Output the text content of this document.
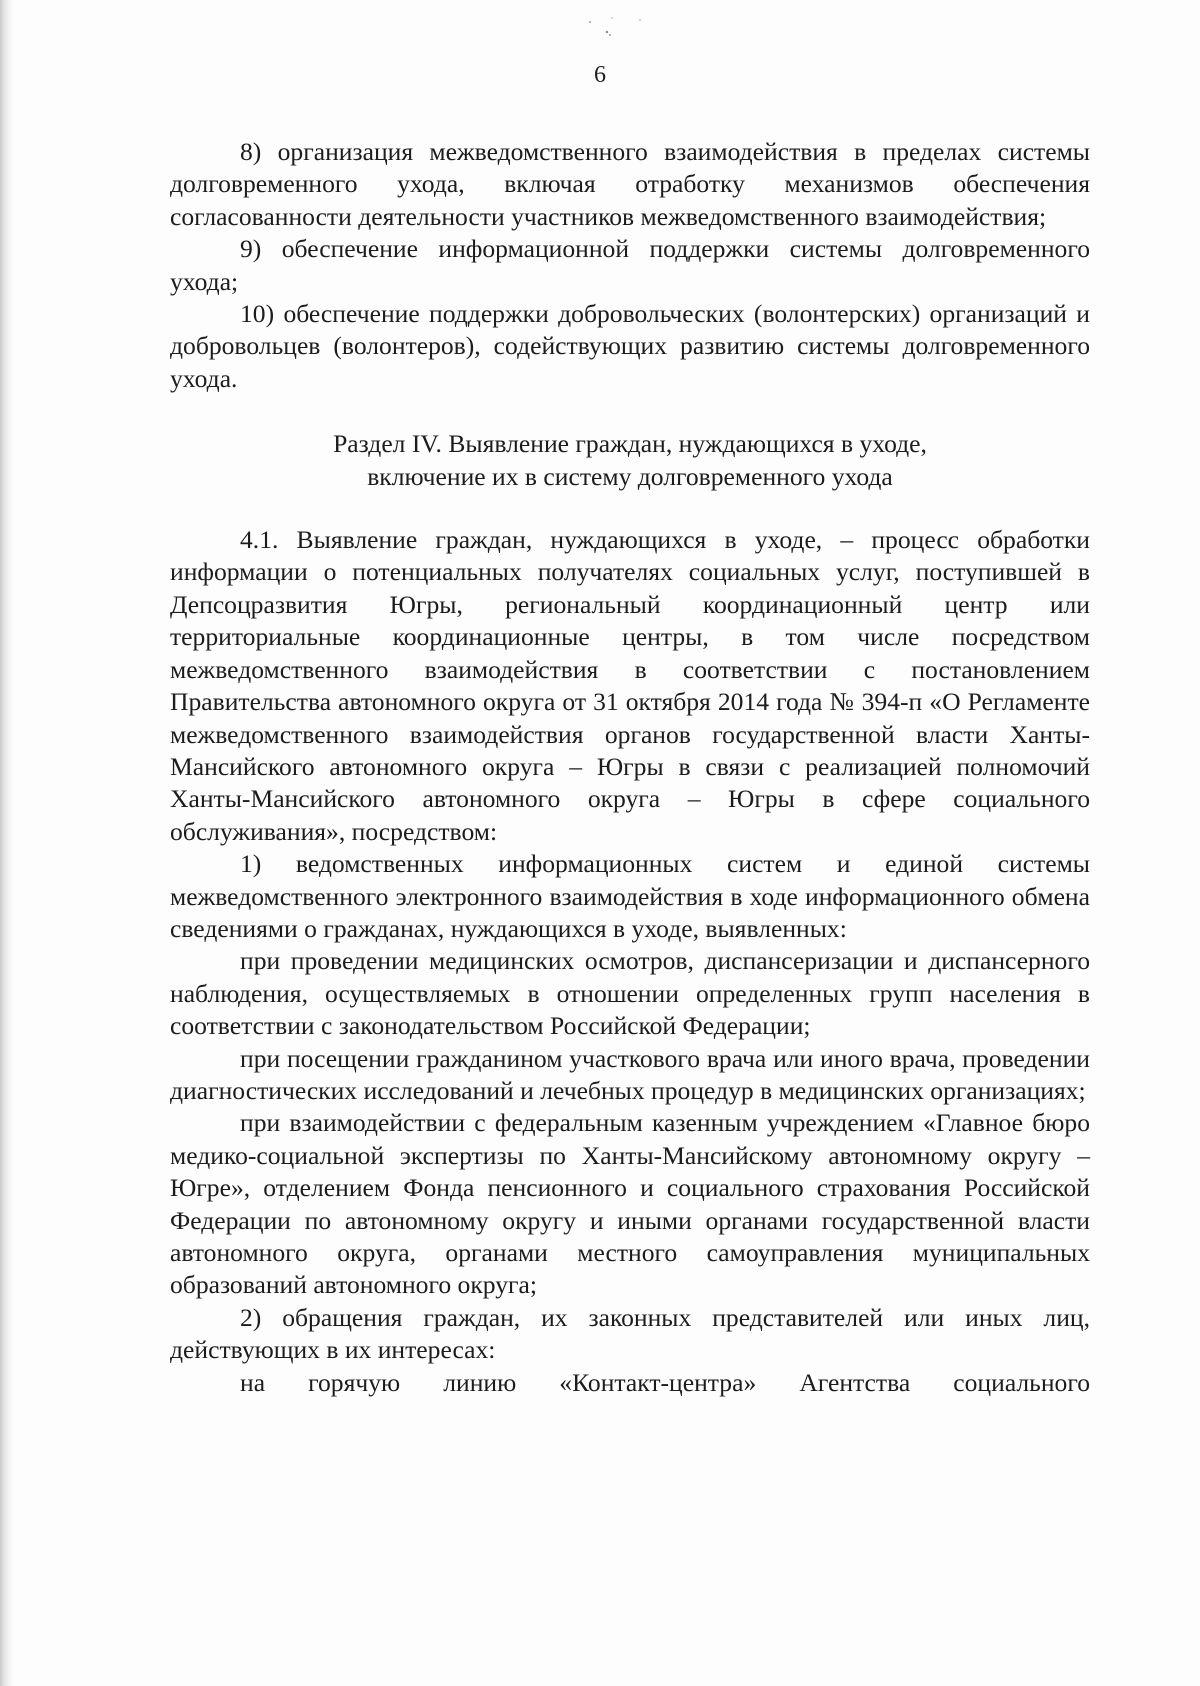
6

8) организация межведомственного взаимодействия в пределах системы долговременного ухода, включая отработку механизмов обеспечения согласованности деятельности участников межведомственного взаимодействия;

9) обеспечение информационной поддержки системы долговременного ухода;

10) обеспечение поддержки добровольческих (волонтерских) организаций и добровольцев (волонтеров), содействующих развитию системы долговременного ухода.

Раздел IV. Выявление граждан, нуждающихся в уходе,
включение их в систему долговременного ухода

4.1. Выявление граждан, нуждающихся в уходе, – процесс обработки информации о потенциальных получателях социальных услуг, поступившей в Депсоцразвития Югры, региональный координационный центр или территориальные координационные центры, в том числе посредством межведомственного взаимодействия в соответствии с постановлением Правительства автономного округа от 31 октября 2014 года № 394-п «О Регламенте межведомственного взаимодействия органов государственной власти Ханты-Мансийского автономного округа – Югры в связи с реализацией полномочий Ханты-Мансийского автономного округа – Югры в сфере социального обслуживания», посредством:

1) ведомственных информационных систем и единой системы межведомственного электронного взаимодействия в ходе информационного обмена сведениями о гражданах, нуждающихся в уходе, выявленных:

при проведении медицинских осмотров, диспансеризации и диспансерного наблюдения, осуществляемых в отношении определенных групп населения в соответствии с законодательством Российской Федерации;

при посещении гражданином участкового врача или иного врача, проведении диагностических исследований и лечебных процедур в медицинских организациях;

при взаимодействии с федеральным казенным учреждением «Главное бюро медико-социальной экспертизы по Ханты-Мансийскому автономному округу – Югре», отделением Фонда пенсионного и социального страхования Российской Федерации по автономному округу и иными органами государственной власти автономного округа, органами местного самоуправления муниципальных образований автономного округа;

2) обращения граждан, их законных представителей или иных лиц, действующих в их интересах:

на горячую линию «Контакт-центра» Агентства социального
